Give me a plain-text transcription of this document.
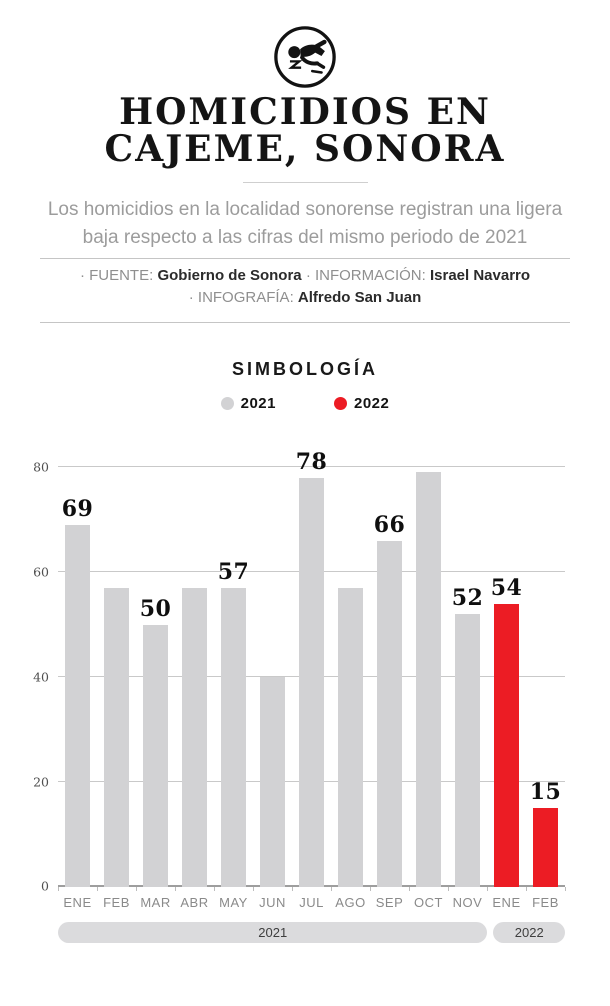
HOMICIDIOS EN
CAJEME, SONORA

Los homicidios en la localidad sonorense registran una ligera
baja respecto a las cifras del mismo periodo de 2021

· FUENTE: Gobierno de Sonora · INFORMACIÓN: Israel Navarro
· INFOGRAFÍA: Alfredo San Juan
SIMBOLOGÍA
2021	2022
0
20
40
60
80
69
50
57
78
66
52 54
15
ENE FEB MAR ABR MAY JUN JUL AGO SEP OCT NOV ENE FEB
2021	2022
